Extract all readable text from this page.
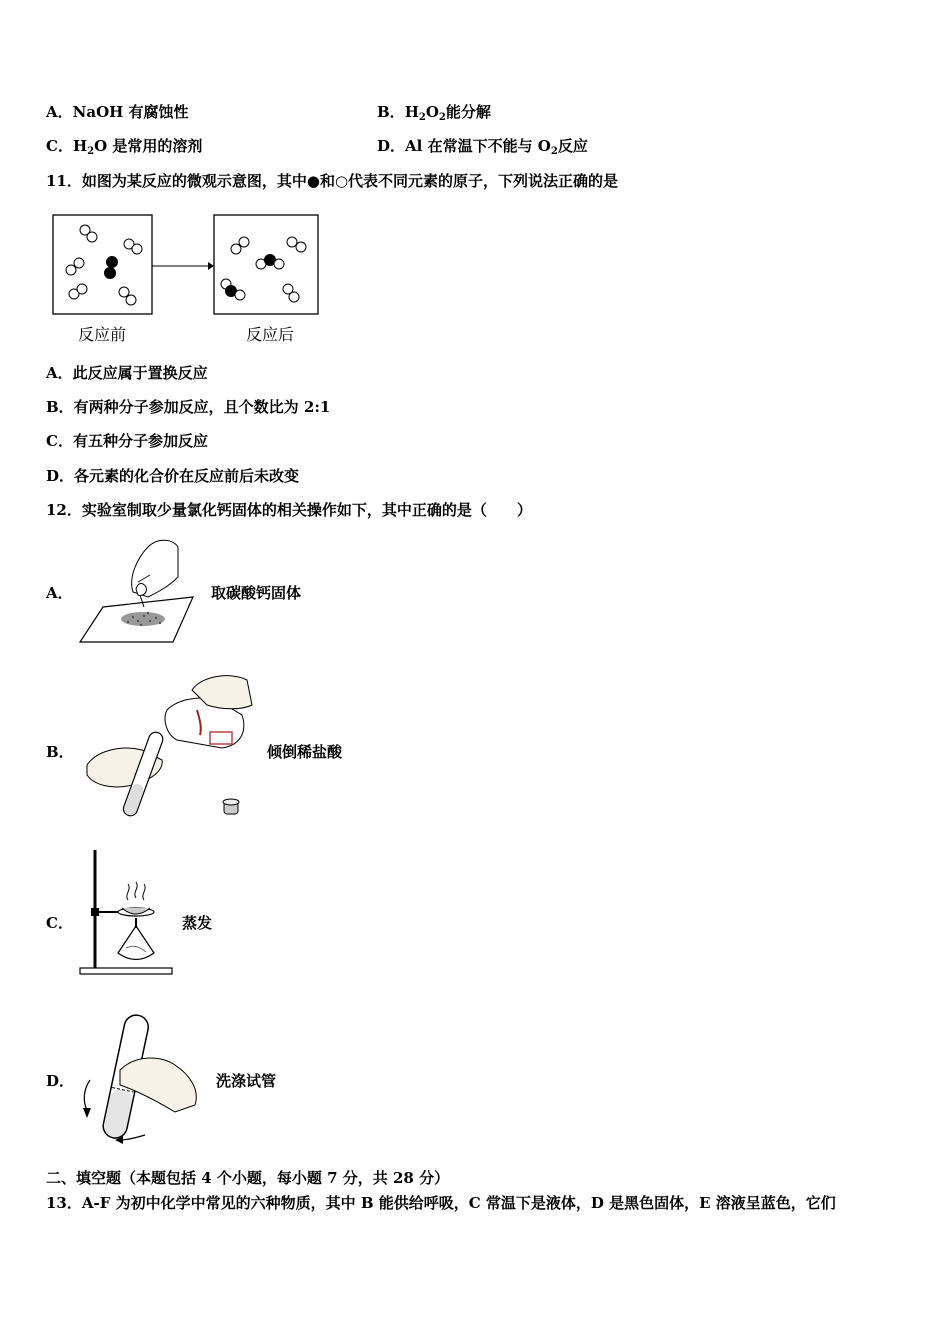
A．NaOH 有腐蚀性	B．$H_2O_2$能分解
C．$H_2O$ 是常用的溶剂	D．Al 在常温下不能与 $O_2$反应
11．如图为某反应的微观示意图，其中●和○代表不同元素的原子，下列说法正确的是
反应前	反应后
A．此反应属于置换反应
B．有两种分子参加反应，且个数比为 2:1
C．有五种分子参加反应
D．各元素的化合价在反应前后未改变
12．实验室制取少量氯化钙固体的相关操作如下，其中正确的是（　　）
A．	取碳酸钙固体
B．	倾倒稀盐酸
C．	蒸发
D．	洗涤试管
二、填空题（本题包括 4 个小题，每小题 7 分，共 28 分）
13．A-F 为初中化学中常见的六种物质，其中 B 能供给呼吸，C 常温下是液体，D 是黑色固体，E 溶液呈蓝色，它们
